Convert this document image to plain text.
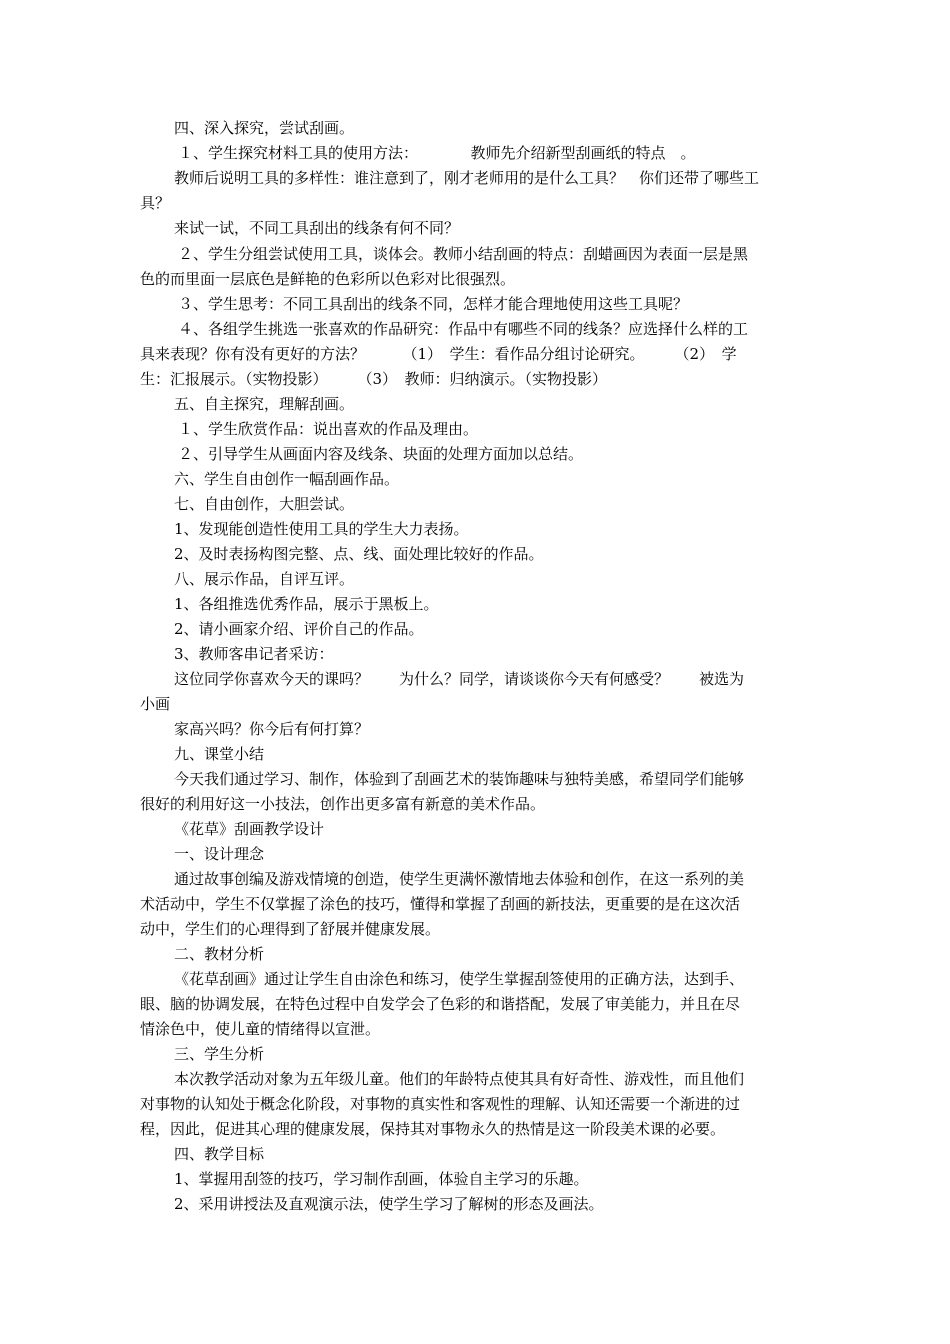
四、深入探究，尝试刮画。
１、学生探究材料工具的使用方法：　　　　教师先介绍新型刮画纸的特点　。
教师后说明工具的多样性：谁注意到了，刚才老师用的是什么工具？　你们还带了哪些工
具？
来试一试，不同工具刮出的线条有何不同？
２、学生分组尝试使用工具，谈体会。教师小结刮画的特点：刮蜡画因为表面一层是黑
色的而里面一层底色是鲜艳的色彩所以色彩对比很强烈。
３、学生思考：不同工具刮出的线条不同，怎样才能合理地使用这些工具呢？
４、各组学生挑选一张喜欢的作品研究：作品中有哪些不同的线条？应选择什么样的工
具来表现？你有没有更好的方法？　　　（1）　学生：看作品分组讨论研究。　　　（2）　学
生：汇报展示。（实物投影）　　　（3）　教师：归纳演示。（实物投影）
五、自主探究，理解刮画。
１、学生欣赏作品：说出喜欢的作品及理由。
２、引导学生从画面内容及线条、块面的处理方面加以总结。
六、学生自由创作一幅刮画作品。
七、自由创作，大胆尝试。
1、发现能创造性使用工具的学生大力表扬。
2、及时表扬构图完整、点、线、面处理比较好的作品。
八、展示作品，自评互评。
1、各组推选优秀作品，展示于黑板上。
2、请小画家介绍、评价自己的作品。
3、教师客串记者采访：
这位同学你喜欢今天的课吗？　　为什么？同学，请谈谈你今天有何感受？　　被选为
小画
家高兴吗？你今后有何打算？
九、课堂小结
今天我们通过学习、制作，体验到了刮画艺术的装饰趣味与独特美感，希望同学们能够
很好的利用好这一小技法，创作出更多富有新意的美术作品。
《花草》刮画教学设计
一、设计理念
通过故事创编及游戏情境的创造，使学生更满怀激情地去体验和创作，在这一系列的美
术活动中，学生不仅掌握了涂色的技巧，懂得和掌握了刮画的新技法，更重要的是在这次活
动中，学生们的心理得到了舒展并健康发展。
二、教材分析
《花草刮画》通过让学生自由涂色和练习，使学生掌握刮签使用的正确方法，达到手、
眼、脑的协调发展，在特色过程中自发学会了色彩的和谐搭配，发展了审美能力，并且在尽
情涂色中，使儿童的情绪得以宣泄。
三、学生分析
本次教学活动对象为五年级儿童。他们的年龄特点使其具有好奇性、游戏性，而且他们
对事物的认知处于概念化阶段，对事物的真实性和客观性的理解、认知还需要一个渐进的过
程，因此，促进其心理的健康发展，保持其对事物永久的热情是这一阶段美术课的必要。
四、教学目标
1、掌握用刮签的技巧，学习制作刮画，体验自主学习的乐趣。
2、采用讲授法及直观演示法，使学生学习了解树的形态及画法。
